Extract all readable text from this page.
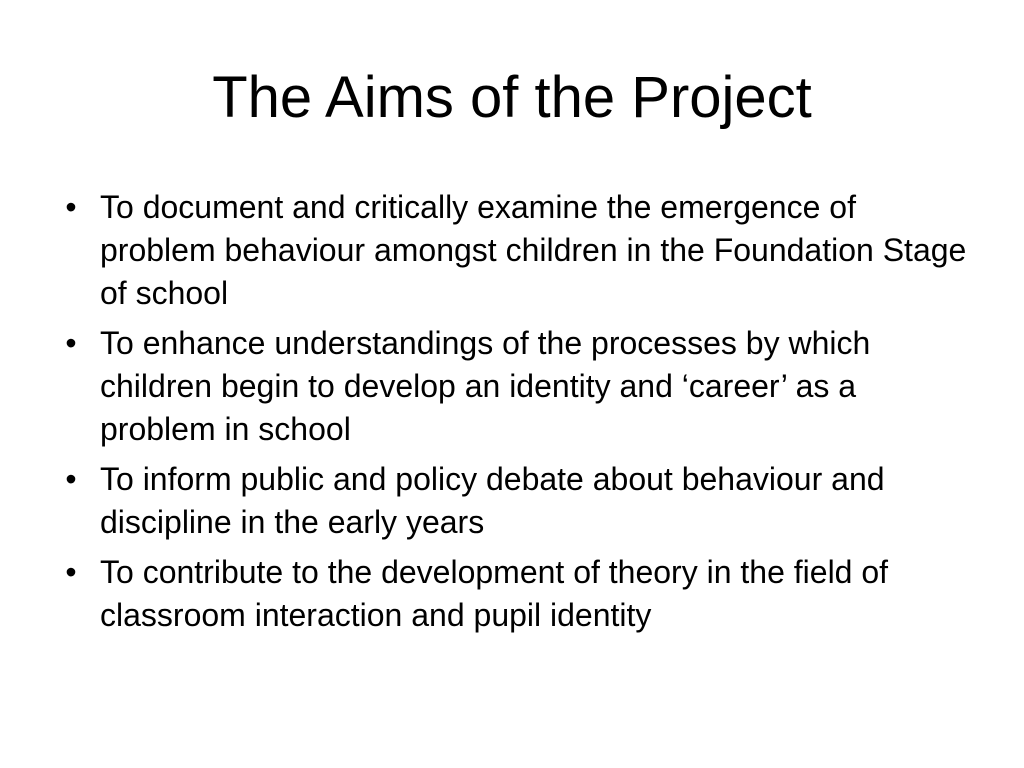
The Aims of the Project
• To document and critically examine the emergence of problem behaviour amongst children in the Foundation Stage of school
• To enhance understandings of the processes by which children begin to develop an identity and ‘career’ as a problem in school
• To inform public and policy debate about behaviour and discipline in the early years
• To contribute to the development of theory in the field of classroom interaction and pupil identity
